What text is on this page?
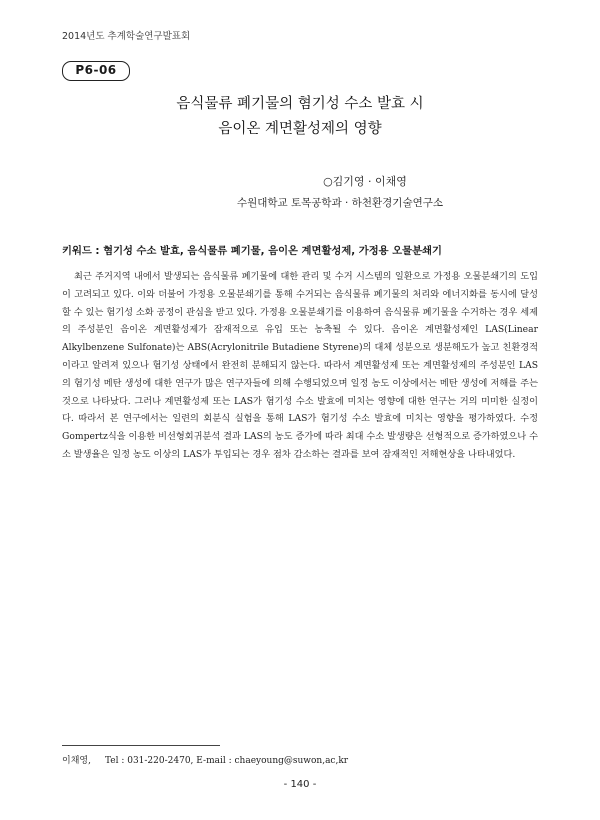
2014년도 추계학술연구발표회
P6-06
음식물류 폐기물의 혐기성 수소 발효 시
음이온 계면활성제의 영향
○김기영 · 이채영
수원대학교 토목공학과 · 하천환경기술연구소
키워드 : 혐기성 수소 발효, 음식물류 폐기물, 음이온 계면활성제, 가정용 오물분쇄기

최근 주거지역 내에서 발생되는 음식물류 폐기물에 대한 관리 및 수거 시스템의 일환으로 가정용 오물분쇄기의 도입이 고려되고 있다. 이와 더불어 가정용 오물분쇄기를 통해 수거되는 음식물류 폐기물의 처리와 에너지화를 동시에 달성할 수 있는 혐기성 소화 공정이 관심을 받고 있다. 가정용 오물분쇄기를 이용하여 음식물류 폐기물을 수거하는 경우 세제의 주성분인 음이온 계면활성제가 잠재적으로 유입 또는 농축될 수 있다. 음이온 계면활성제인 LAS(Linear Alkylbenzene Sulfonate)는 ABS(Acrylonitrile Butadiene Styrene)의 대체 성분으로 생분해도가 높고 친환경적이라고 알려져 있으나 혐기성 상태에서 완전히 분해되지 않는다. 따라서 계면활성제 또는 계면활성제의 주성분인 LAS의 혐기성 메탄 생성에 대한 연구가 많은 연구자들에 의해 수행되었으며 일정 농도 이상에서는 메탄 생성에 저해를 주는 것으로 나타났다. 그러나 계면활성제 또는 LAS가 혐기성 수소 발효에 미치는 영향에 대한 연구는 거의 미미한 실정이다. 따라서 본 연구에서는 일련의 회분식 실험을 통해 LAS가 혐기성 수소 발효에 미치는 영향을 평가하였다. 수정 Gompertz식을 이용한 비선형회귀분석 결과 LAS의 농도 증가에 따라 최대 수소 발생량은 선형적으로 증가하였으나 수소 발생율은 일정 농도 이상의 LAS가 투입되는 경우 점차 감소하는 결과를 보여 잠재적인 저해현상을 나타내었다.

이채영, Tel : 031-220-2470, E-mail : chaeyoung@suwon,ac,kr
- 140 -
